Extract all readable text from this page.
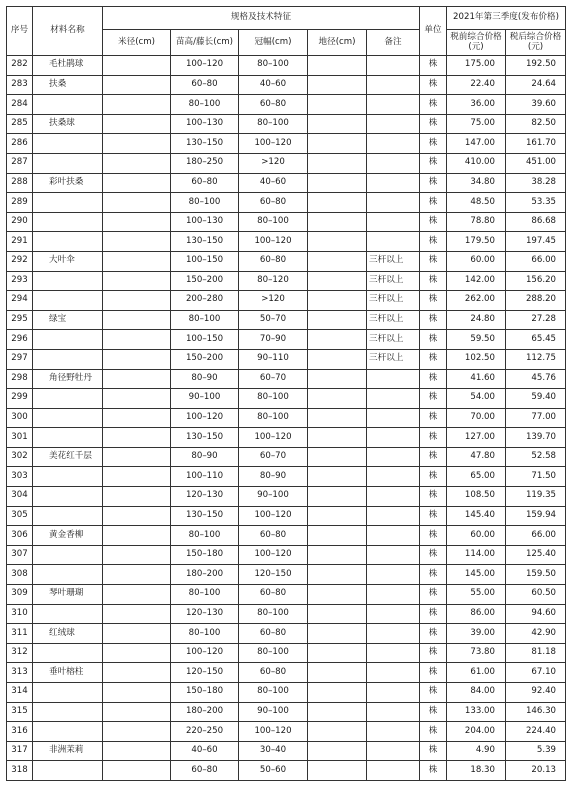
序号	材料名称	规格及技术特征					单位	2021年第三季度(发布价格)	
		米径(cm)	苗高/藤长(cm)	冠幅(cm)	地径(cm)	备注		税前综合价格(元)	税后综合价格(元)
282	毛杜鹃球		100–120	80–100			株	175.00	192.50
283	扶桑		60–80	40–60			株	22.40	24.64
284			80–100	60–80			株	36.00	39.60
285	扶桑球		100–130	80–100			株	75.00	82.50
286			130–150	100–120			株	147.00	161.70
287			180–250	>120			株	410.00	451.00
288	彩叶扶桑		60–80	40–60			株	34.80	38.28
289			80–100	60–80			株	48.50	53.35
290			100–130	80–100			株	78.80	86.68
291			130–150	100–120			株	179.50	197.45
292	大叶伞		100–150	60–80		三杆以上	株	60.00	66.00
293			150–200	80–120		三杆以上	株	142.00	156.20
294			200–280	>120		三杆以上	株	262.00	288.20
295	绿宝		80–100	50–70		三杆以上	株	24.80	27.28
296			100–150	70–90		三杆以上	株	59.50	65.45
297			150–200	90–110		三杆以上	株	102.50	112.75
298	角径野牡丹		80–90	60–70			株	41.60	45.76
299			90–100	80–100			株	54.00	59.40
300			100–120	80–100			株	70.00	77.00
301			130–150	100–120			株	127.00	139.70
302	美花红千层		80–90	60–70			株	47.80	52.58
303			100–110	80–90			株	65.00	71.50
304			120–130	90–100			株	108.50	119.35
305			130–150	100–120			株	145.40	159.94
306	黄金香柳		80–100	60–80			株	60.00	66.00
307			150–180	100–120			株	114.00	125.40
308			180–200	120–150			株	145.00	159.50
309	琴叶珊瑚		80–100	60–80			株	55.00	60.50
310			120–130	80–100			株	86.00	94.60
311	红绒球		80–100	60–80			株	39.00	42.90
312			100–120	80–100			株	73.80	81.18
313	垂叶榕柱		120–150	60–80			株	61.00	67.10
314			150–180	80–100			株	84.00	92.40
315			180–200	90–100			株	133.00	146.30
316			220–250	100–120			株	204.00	224.40
317	非洲茉莉		40–60	30–40			株	4.90	5.39
318			60–80	50–60			株	18.30	20.13
